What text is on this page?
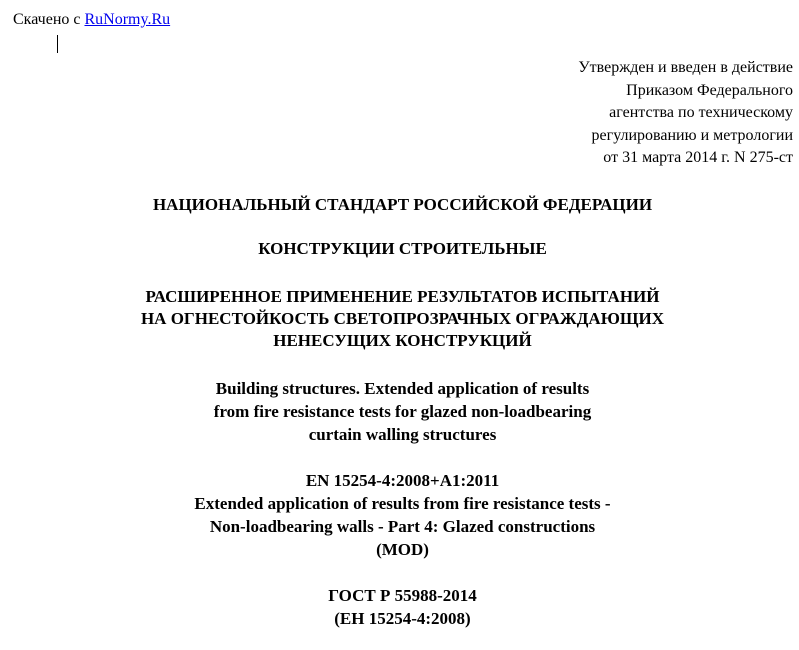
Скачено с RuNormy.Ru
Утвержден и введен в действие
Приказом Федерального
агентства по техническому
регулированию и метрологии
от 31 марта 2014 г. N 275-ст
НАЦИОНАЛЬНЫЙ СТАНДАРТ РОССИЙСКОЙ ФЕДЕРАЦИИ
КОНСТРУКЦИИ СТРОИТЕЛЬНЫЕ
РАСШИРЕННОЕ ПРИМЕНЕНИЕ РЕЗУЛЬТАТОВ ИСПЫТАНИЙ
НА ОГНЕСТОЙКОСТЬ СВЕТОПРОЗРАЧНЫХ ОГРАЖДАЮЩИХ
НЕНЕСУЩИХ КОНСТРУКЦИЙ
Building structures. Extended application of results
from fire resistance tests for glazed non-loadbearing
curtain walling structures
EN 15254-4:2008+A1:2011
Extended application of results from fire resistance tests -
Non-loadbearing walls - Part 4: Glazed constructions
(MOD)
ГОСТ Р 55988-2014
(ЕН 15254-4:2008)
